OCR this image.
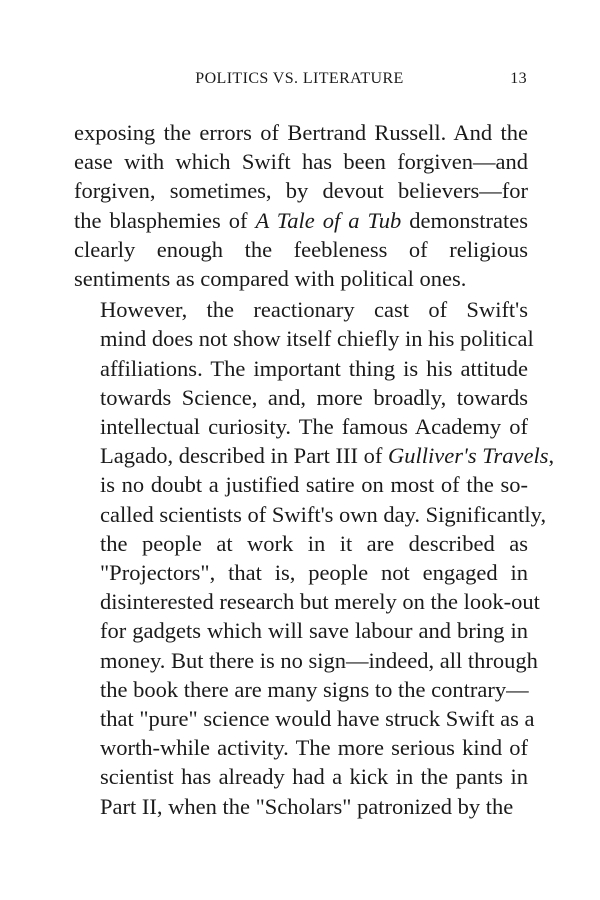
POLITICS VS. LITERATURE	13
exposing the errors of Bertrand Russell. And the
ease with which Swift has been forgiven—and
forgiven, sometimes, by devout believers—for
the blasphemies of A Tale of a Tub demonstrates
clearly enough the feebleness of religious
sentiments as compared with political ones.
However, the reactionary cast of Swift's
mind does not show itself chiefly in his political
affiliations. The important thing is his attitude
towards Science, and, more broadly, towards
intellectual curiosity. The famous Academy of
Lagado, described in Part III of Gulliver's Travels,
is no doubt a justified satire on most of the so-
called scientists of Swift's own day. Significantly,
the people at work in it are described as
"Projectors", that is, people not engaged in
disinterested research but merely on the look-out
for gadgets which will save labour and bring in
money. But there is no sign—indeed, all through
the book there are many signs to the contrary—
that "pure" science would have struck Swift as a
worth-while activity. The more serious kind of
scientist has already had a kick in the pants in
Part II, when the "Scholars" patronized by the
